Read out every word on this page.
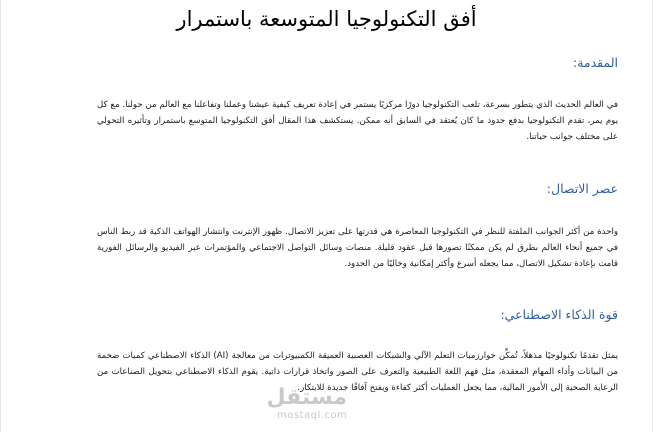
أفق التكنولوجيا المتوسعة باستمرار
المقدمة:
في العالم الحديث الذي يتطور بسرعة، تلعب التكنولوجيا دورًا مركزيًا يستمر في إعادة تعريف كيفية عيشنا وعملنا وتفاعلنا مع العالم من حولنا. مع كل يوم يمر، تقدم التكنولوجيا بدفع حدود ما كان يُعتقد في السابق أنه ممكن. يستكشف هذا المقال أفق التكنولوجيا المتوسع باستمرار وتأثيره التحولي على مختلف جوانب حياتنا.
عصر الاتصال:
واحدة من أكثر الجوانب الملفتة للنظر في التكنولوجيا المعاصرة هي قدرتها على تعزيز الاتصال. ظهور الإنترنت وانتشار الهواتف الذكية قد ربط الناس في جميع أنحاء العالم بطرق لم يكن ممكنًا تصورها قبل عقود قليلة. منصات وسائل التواصل الاجتماعي والمؤتمرات عبر الفيديو والرسائل الفورية قامت بإعادة تشكيل الاتصال، مما يجعله أسرع وأكثر إمكانية وخاليًا من الحدود.
قوة الذكاء الاصطناعي:
يمثل تقدمًا تكنولوجيًا مذهلاً، تُمكِّن خوارزميات التعلم الآلي والشبكات العصبية العميقة الكمبيوترات من معالجة (AI) الذكاء الاصطناعي كميات ضخمة من البيانات وأداء المهام المعقدة، مثل فهم اللغة الطبيعية والتعرف على الصور واتخاذ قرارات ذاتية. يقوم الذكاء الاصطناعي بتحويل الصناعات من الرعاية الصحية إلى الأمور المالية، مما يجعل العمليات أكثر كفاءة ويفتح آفاقًا جديدة للابتكار.
مستقل
mostaql.com
